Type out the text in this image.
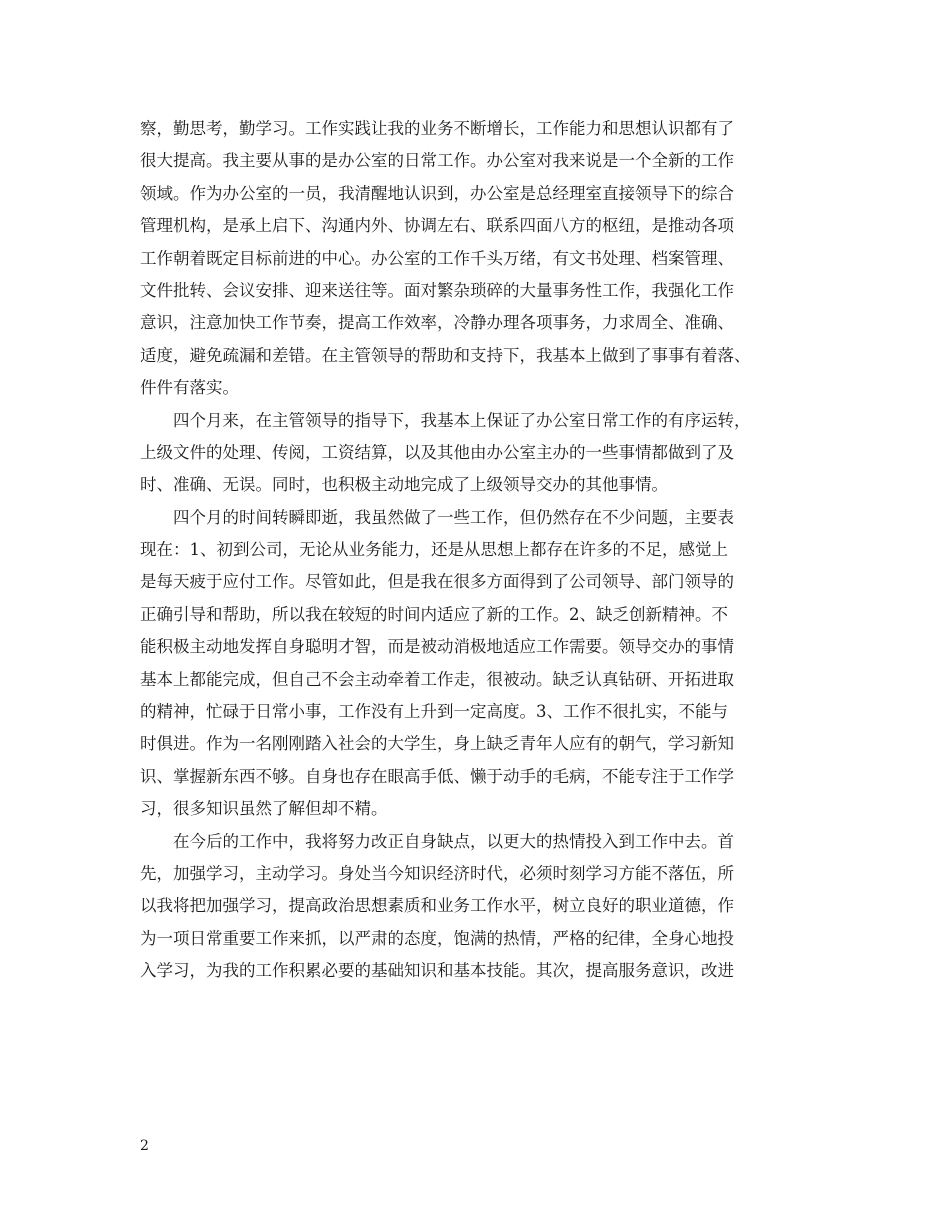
察，勤思考，勤学习。工作实践让我的业务不断增长，工作能力和思想认识都有了
很大提高。我主要从事的是办公室的日常工作。办公室对我来说是一个全新的工作
领域。作为办公室的一员，我清醒地认识到，办公室是总经理室直接领导下的综合
管理机构，是承上启下、沟通内外、协调左右、联系四面八方的枢纽，是推动各项
工作朝着既定目标前进的中心。办公室的工作千头万绪，有文书处理、档案管理、
文件批转、会议安排、迎来送往等。面对繁杂琐碎的大量事务性工作，我强化工作
意识，注意加快工作节奏，提高工作效率，冷静办理各项事务，力求周全、准确、
适度，避免疏漏和差错。在主管领导的帮助和支持下，我基本上做到了事事有着落、
件件有落实。
四个月来，在主管领导的指导下，我基本上保证了办公室日常工作的有序运转，
上级文件的处理、传阅，工资结算，以及其他由办公室主办的一些事情都做到了及
时、准确、无误。同时，也积极主动地完成了上级领导交办的其他事情。
四个月的时间转瞬即逝，我虽然做了一些工作，但仍然存在不少问题，主要表
现在：1、初到公司，无论从业务能力，还是从思想上都存在许多的不足，感觉上
是每天疲于应付工作。尽管如此，但是我在很多方面得到了公司领导、部门领导的
正确引导和帮助，所以我在较短的时间内适应了新的工作。2、缺乏创新精神。不
能积极主动地发挥自身聪明才智，而是被动消极地适应工作需要。领导交办的事情
基本上都能完成，但自己不会主动牵着工作走，很被动。缺乏认真钻研、开拓进取
的精神，忙碌于日常小事，工作没有上升到一定高度。3、工作不很扎实，不能与
时俱进。作为一名刚刚踏入社会的大学生，身上缺乏青年人应有的朝气，学习新知
识、掌握新东西不够。自身也存在眼高手低、懒于动手的毛病，不能专注于工作学
习，很多知识虽然了解但却不精。
在今后的工作中，我将努力改正自身缺点，以更大的热情投入到工作中去。首
先，加强学习，主动学习。身处当今知识经济时代，必须时刻学习方能不落伍，所
以我将把加强学习，提高政治思想素质和业务工作水平，树立良好的职业道德，作
为一项日常重要工作来抓，以严肃的态度，饱满的热情，严格的纪律，全身心地投
入学习，为我的工作积累必要的基础知识和基本技能。其次，提高服务意识，改进
2
